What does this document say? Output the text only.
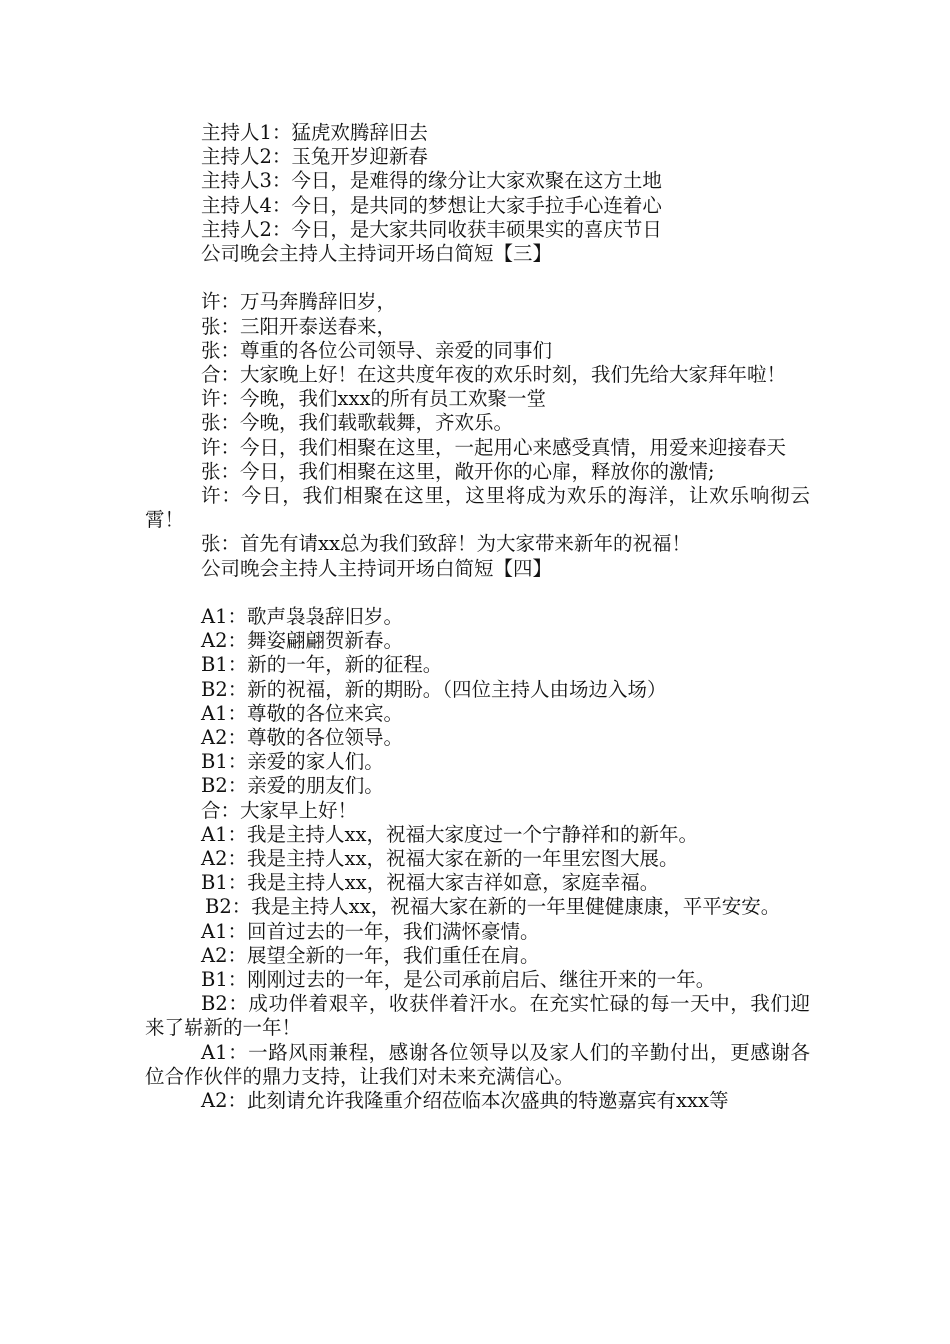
主持人1：猛虎欢腾辞旧去

主持人2：玉兔开岁迎新春

主持人3：今日，是难得的缘分让大家欢聚在这方土地

主持人4：今日，是共同的梦想让大家手拉手心连着心

主持人2：今日，是大家共同收获丰硕果实的喜庆节日

公司晚会主持人主持词开场白简短【三】

许：万马奔腾辞旧岁，

张：三阳开泰送春来，

张：尊重的各位公司领导、亲爱的同事们

合：大家晚上好！在这共度年夜的欢乐时刻，我们先给大家拜年啦！

许：今晚，我们xxx的所有员工欢聚一堂

张：今晚，我们载歌载舞，齐欢乐。

许：今日，我们相聚在这里，一起用心来感受真情，用爱来迎接春天

张：今日，我们相聚在这里，敞开你的心扉，释放你的激情;

许：今日，我们相聚在这里，这里将成为欢乐的海洋，让欢乐响彻云霄！

张：首先有请xx总为我们致辞！为大家带来新年的祝福！

公司晚会主持人主持词开场白简短【四】

A1：歌声袅袅辞旧岁。

A2：舞姿翩翩贺新春。

B1：新的一年，新的征程。

B2：新的祝福，新的期盼。（四位主持人由场边入场）

A1：尊敬的各位来宾。

A2：尊敬的各位领导。

B1：亲爱的家人们。

B2：亲爱的朋友们。

合：大家早上好！

A1：我是主持人xx，祝福大家度过一个宁静祥和的新年。

A2：我是主持人xx，祝福大家在新的一年里宏图大展。

B1：我是主持人xx，祝福大家吉祥如意，家庭幸福。

B2：我是主持人xx，祝福大家在新的一年里健健康康，平平安安。

A1：回首过去的一年，我们满怀豪情。

A2：展望全新的一年，我们重任在肩。

B1：刚刚过去的一年，是公司承前启后、继往开来的一年。

B2：成功伴着艰辛，收获伴着汗水。在充实忙碌的每一天中，我们迎来了崭新的一年！

A1：一路风雨兼程，感谢各位领导以及家人们的辛勤付出，更感谢各位合作伙伴的鼎力支持，让我们对未来充满信心。

A2：此刻请允许我隆重介绍莅临本次盛典的特邀嘉宾有xxx等
